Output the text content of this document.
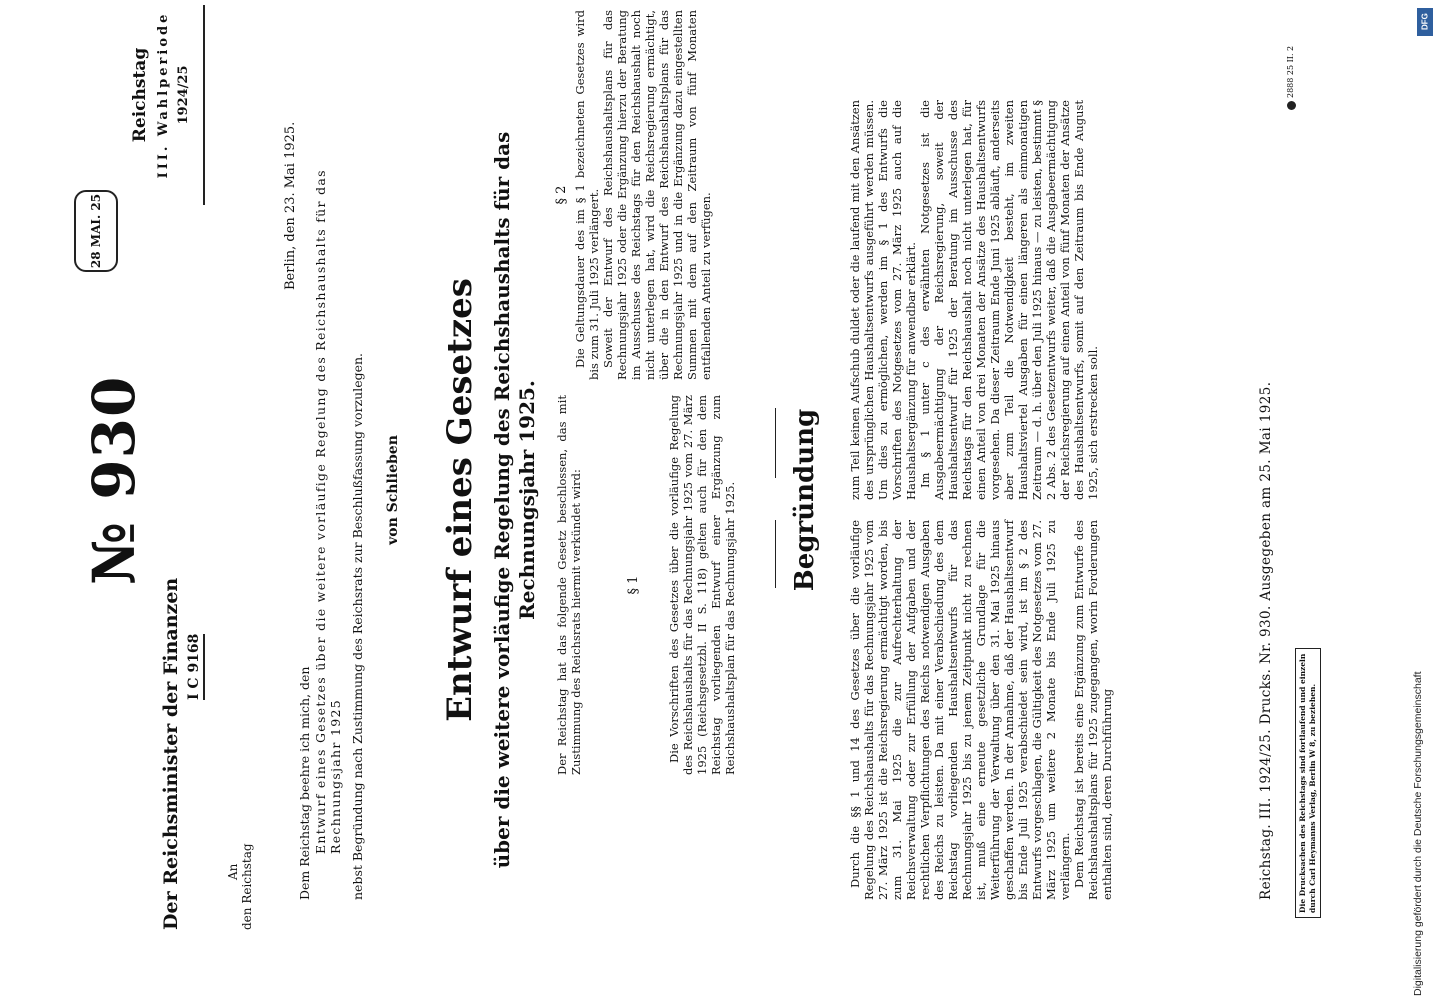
Der Reichsminister der Finanzen I C 9168
An den Reichstag
№ 930
28 MAI. 25
Reichstag III. Wahlperiode 1924/25
Berlin, den 23. Mai 1925.
Dem Reichstag beehre ich mich, den Entwurf eines Gesetzes über die weitere vorläufige Regelung des Reichshaushalts für das Rechnungsjahr 1925 nebst Begründung nach Zustimmung des Reichsrats zur Beschlußfassung vorzulegen. von Schlieben Entwurf eines Gesetzes über die weitere vorläufige Regelung des Reichshaushalts für das Rechnungsjahr 1925. Der Reichstag hat das folgende Gesetz beschlossen, das mit Zustimmung des Reichsrats hiermit verkündet wird:	§ 1 Die Vorschriften des Gesetzes über die vorläufige Regelung des Reichshaushalts für das Rechnungsjahr 1925 vom 27. März 1925 (Reichsgesetzbl. II S. 118) gelten auch für den dem Reichstag vorliegenden Entwurf einer Ergänzung zum Reichshaushaltsplan für das Rechnungsjahr 1925.

§ 2 Die Geltungsdauer des im § 1 bezeichneten Gesetzes wird bis zum 31. Juli 1925 verlängert. Soweit der Entwurf des Reichshaushaltsplans für das Rechnungsjahr 1925 oder die Ergänzung hierzu der Beratung im Ausschusse des Reichstags für den Reichshaushalt noch nicht unterlegen hat, wird die Reichsregierung ermächtigt, über die in den Entwurf des Reichshaushaltsplans für das Rechnungsjahr 1925 und in die Ergänzung dazu eingestellten Summen mit dem auf den Zeitraum von fünf Monaten entfallenden Anteil zu verfügen.

Begründung

Durch die §§ 1 und 14 des Gesetzes über die vorläufige Regelung des Reichshaushalts für das Rechnungsjahr 1925 vom 27. März 1925 ist die Reichsregierung ermächtigt worden, bis zum 31. Mai 1925 die zur Aufrechterhaltung der Reichsverwaltung oder zur Erfüllung der Aufgaben und der rechtlichen Verpflichtungen des Reichs notwendigen Ausgaben des Reichs zu leisten. Da mit einer Verabschiedung des dem Reichstag vorliegenden Haushaltsentwurfs für das Rechnungsjahr 1925 bis zu jenem Zeitpunkt nicht zu rechnen ist, muß eine erneute gesetzliche Grundlage für die Weiterführung der Verwaltung über den 31. Mai 1925 hinaus geschaffen werden. In der Annahme, daß der Haushaltsentwurf bis Ende Juli 1925 verabschiedet sein wird, ist im § 2 des Entwurfs vorgeschlagen, die Gültigkeit des Notgesetzes vom 27. März 1925 um weitere 2 Monate bis Ende Juli 1925 zu verlängern. Dem Reichstag ist bereits eine Ergänzung zum Entwurfe des Reichshaushaltsplans für 1925 zugegangen, worin Forderungen enthalten sind, deren Durchführung

zum Teil keinen Aufschub duldet oder die laufend mit den Ansätzen des ursprünglichen Haushaltsentwurfs ausgeführt werden müssen. Um dies zu ermöglichen, werden im § 1 des Entwurfs die Vorschriften des Notgesetzes vom 27. März 1925 auch auf die Haushaltsergänzung für anwendbar erklärt. Im § 1 unter c des erwähnten Notgesetzes ist die Ausgabeermächtigung der Reichsregierung, soweit der Haushaltsentwurf für 1925 der Beratung im Ausschusse des Reichstags für den Reichshaushalt noch nicht unterlegen hat, für einen Anteil von drei Monaten der Ansätze des Haushaltsentwurfs vorgesehen. Da dieser Zeitraum Ende Juni 1925 abläuft, anderseits aber zum Teil die Notwendigkeit besteht, im zweiten Haushaltsviertel Ausgaben für einen längeren als einmonatigen Zeitraum — d. h. über den Juli 1925 hinaus — zu leisten, bestimmt § 2 Abs. 2 des Gesetzentwurfs weiter, daß die Ausgabeermächtigung der Reichsregierung auf einen Anteil von fünf Monaten der Ansätze des Haushaltsentwurfs, somit auf den Zeitraum bis Ende August 1925, sich erstrecken soll.	Reichstag. III. 1924/25. Drucks. Nr. 930. Ausgegeben am 25. Mai 1925.	Die Drucksachen des Reichstags sind fortlaufend und einzeln durch Carl Heymanns Verlag, Berlin W 8, zu beziehen.
2888 25 II. 2
Digitalisierung gefördert durch die Deutsche Forschungsgemeinschaft
DFG
